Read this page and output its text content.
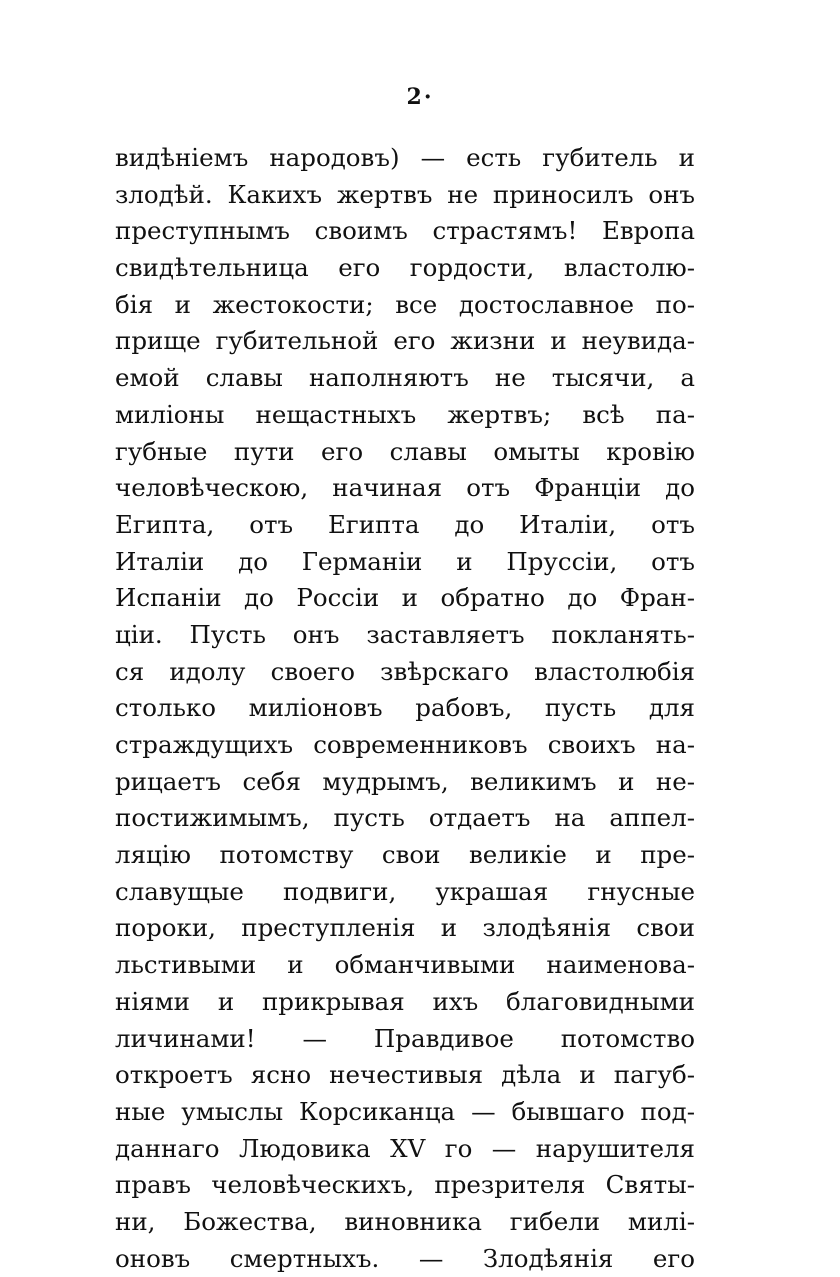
2·
видѣніемъ народовъ) — есть губитель и
злодѣй. Какихъ жертвъ не приносилъ онъ
преступнымъ своимъ страстямъ! Европа
свидѣтельница его гордости, властолю-
бія и жестокости; все достославное по-
прище губительной его жизни и неувида-
емой славы наполняютъ не тысячи, а
миліоны нещастныхъ жертвъ; всѣ па-
губные пути его славы омыты кровію
человѣческою, начиная отъ Франціи до
Египта, отъ Египта до Италіи, отъ
Италіи до Германіи и Пруссіи, отъ
Испаніи до Россіи и обратно до Фран-
ціи. Пусть онъ заставляетъ покланять-
ся идолу своего звѣрскаго властолюбія
столько миліоновъ рабовъ, пусть для
страждущихъ современниковъ своихъ на-
рицаетъ себя мудрымъ, великимъ и не-
постижимымъ, пусть отдаетъ на аппел-
ляцію потомству свои великіе и пре-
славущые подвиги, украшая гнусные
пороки, преступленія и злодѣянія свои
льстивыми и обманчивыми наименова-
ніями и прикрывая ихъ благовидными
личинами! — Правдивое потомство
откроетъ ясно нечестивыя дѣла и пагуб-
ные умыслы Корсиканца — бывшаго под-
даннаго Людовика XV го — нарушителя
правъ человѣческихъ, презрителя Святы-
ни, Божества, виновника гибели милі-
оновъ смертныхъ. — Злодѣянія его
